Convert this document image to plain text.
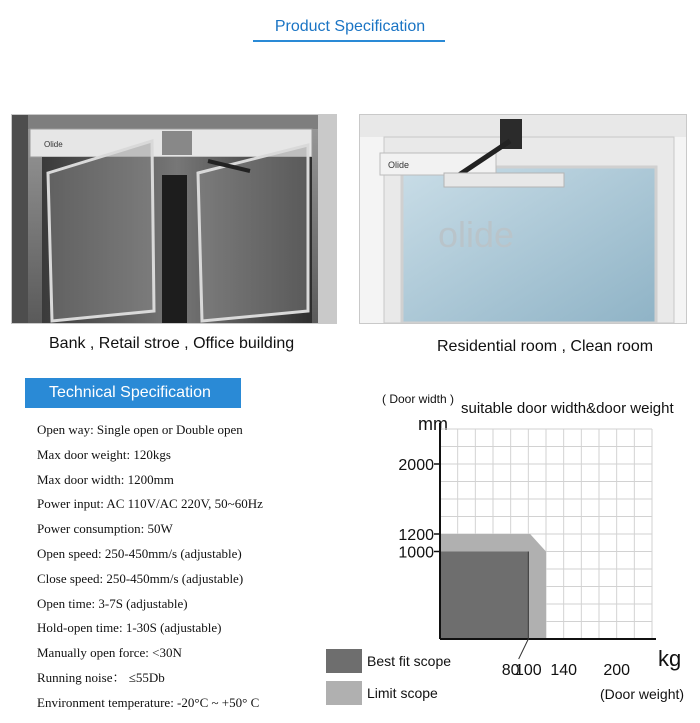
Product Specification
Olide
Olide
olide
Bank , Retail stroe , Office building	Residential room , Clean room
Technical Specification
Open way: Single open or Double open
Max door weight: 120kgs
Max door width: 1200mm
Power input: AC 110V/AC 220V, 50~60Hz
Power consumption: 50W
Open speed: 250-450mm/s (adjustable)
Close speed: 250-450mm/s (adjustable)
Open time: 3-7S (adjustable)
Hold-open time: 1-30S (adjustable)
Manually open force: <30N
Running noise： ≤55Db
Environment temperature: -20°C ~ +50° C
( Door width )
mm
suitable door width&door weight
1000
1200
2000
80
100 140 200 kg
(Door weight)
Best fit scope
Limit scope
